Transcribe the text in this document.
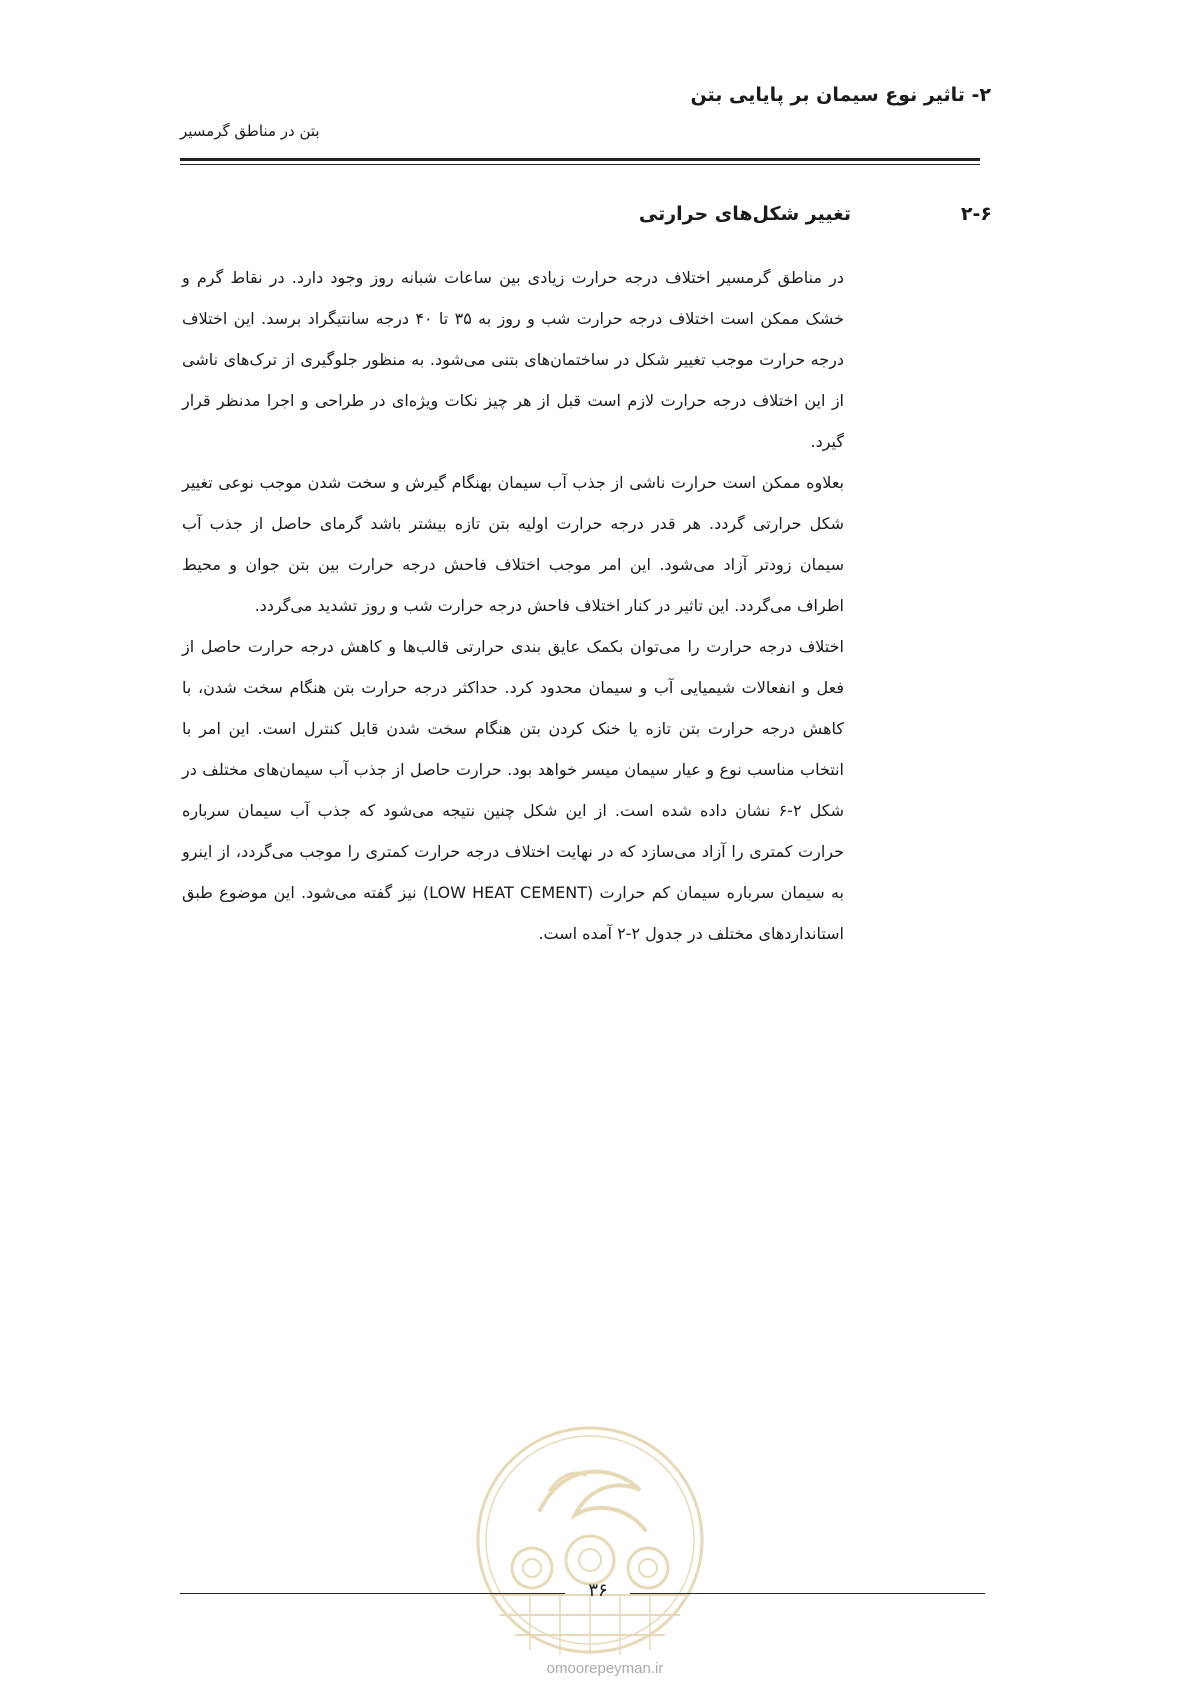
۲- تاثیر نوع سیمان بر پایایی بتن
بتن در مناطق گرمسیر
۲-۶
تغییر شکل‌های حرارتی

در مناطق گرمسیر اختلاف درجه حرارت زیادی بین ساعات شبانه روز وجود دارد. در نقاط گرم و خشک ممکن است اختلاف درجه حرارت شب و روز به ۳۵ تا ۴۰ درجه سانتیگراد برسد. این اختلاف درجه حرارت موجب تغییر شکل در ساختمان‌های بتنی می‌شود. به منظور جلوگیری از ترک‌های ناشی از این اختلاف درجه حرارت لازم است قبل از هر چیز نکات ویژه‌ای در طراحی و اجرا مدنظر قرار گیرد.

بعلاوه ممکن است حرارت ناشی از جذب آب سیمان بهنگام گیرش و سخت شدن موجب نوعی تغییر شکل حرارتی گردد. هر قدر درجه حرارت اولیه بتن تازه بیشتر باشد گرمای حاصل از جذب آب سیمان زودتر آزاد می‌شود. این امر موجب اختلاف فاحش درجه حرارت بین بتن جوان و محیط اطراف می‌گردد. این تاثیر در کنار اختلاف فاحش درجه حرارت شب و روز تشدید می‌گردد.

اختلاف درجه حرارت را می‌توان بکمک عایق بندی حرارتی قالب‌ها و کاهش درجه حرارت حاصل از فعل و انفعالات شیمیایی آب و سیمان محدود کرد. حداکثر درجه حرارت بتن هنگام سخت شدن، با کاهش درجه حرارت بتن تازه یا خنک کردن بتن هنگام سخت شدن قابل کنترل است. این امر با انتخاب مناسب نوع و عیار سیمان میسر خواهد بود. حرارت حاصل از جذب آب سیمان‌های مختلف در شکل ۲-۶ نشان داده شده است. از این شکل چنین نتیجه می‌شود که جذب آب سیمان سرباره حرارت کمتری را آزاد می‌سازد که در نهایت اختلاف درجه حرارت کمتری را موجب می‌گردد، از اینرو به سیمان سرباره سیمان کم حرارت (LOW HEAT CEMENT) نیز گفته می‌شود. این موضوع طبق استانداردهای مختلف در جدول ۲-۲ آمده است.

۳۶
omoorepeyman.ir
